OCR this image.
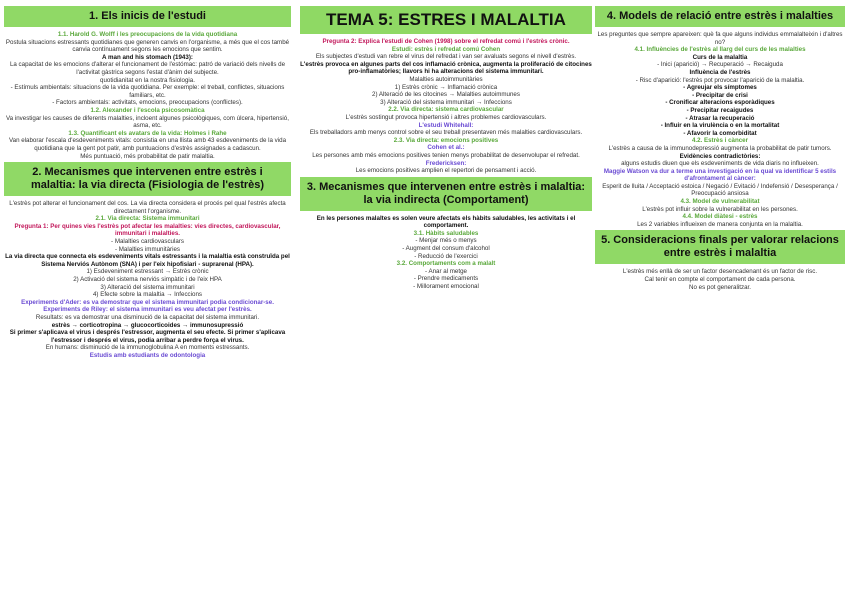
1. Els inicis de l'estudi
1.1. Harold G. Wolff i les preocupacions de la vida quotidiana
Postula situacions estressants quotidianes que generen canvis en l'organisme, a més que el cos també canvia contínuament segons les emocions que sentim.
A man and his stomach (1943):
La capacitat de les emocions d'alterar el funcionament de l'estómac: patró de variació dels nivells de l'activitat gàstrica segons l'estat d'ànim del subjecte.
quotidianitat en la nostra fisiologia.
- Estímuls ambientals: situacions de la vida quotidiana. Per exemple: el treball, conflictes, situacions familiars, etc.
- Factors ambientals: activitats, emocions, preocupacions (conflictes).
1.2. Alexander i l'escola psicosomàtica
Va investigar les causes de diferents malalties, incloent algunes psicològiques, com úlcera, hipertensió, asma, etc.
1.3. Quantificant els avatars de la vida: Holmes i Rahe
Van elaborar l'escala d'esdeveniments vitals: consistia en una llista amb 43 esdeveniments de la vida quotidiana que la gent pot patir, amb puntuacions d'estrès assignades a cadascun.
Més puntuació, més probabilitat de patir malaltia.
2. Mecanismes que intervenen entre estrès i malaltia: la via directa (Fisiologia de l'estrès)
L'estrès pot alterar el funcionament del cos. La via directa considera el procés pel qual l'estrès afecta directament l'organisme.
2.1. Via directa: Sistema immunitari
Pregunta 1: Per quines vies l'estrès pot afectar les malalties: vies directes, cardiovascular, immunitari i malalties.
- Malalties cardiovasculars
- Malalties immunitàries
La via directa que connecta els esdeveniments vitals estressants i la malaltia està construïda pel Sistema Nerviós Autònom (SNA) i per l'eix hipofisiari - suprarenal (HPA).
1) Esdeveniment estressant → Estrès crònic
2) Activació del sistema nerviós simpàtic i de l'eix HPA
3) Alteració del sistema immunitari
4) Efecte sobre la malaltia → Infeccions
Experiments d'Ader: es va demostrar que el sistema immunitari podia condicionar-se.
Experiments de Riley: el sistema immunitari es veu afectat per l'estrès.
Resultats: es va demostrar una disminució de la capacitat del sistema immunitari.
estrès → corticotropina → glucocorticoides → immunosupressió
Si primer s'aplicava el virus i després l'estressor, augmenta el seu efecte. Si primer s'aplicava l'estressor i després el virus, podia arribar a perdre força el virus.
En humans: disminució de la immunoglobulina A en moments estressants.
Estudis amb estudiants de odontologia
TEMA 5: ESTRES I MALALTIA
Pregunta 2: Explica l'estudi de Cohen (1998) sobre el refredat comú i l'estrès crònic.
Estudi: estrès i refredat comú Cohen
Els subjectes d'estudi van rebre el virus del refredat i van ser avaluats segons el nivell d'estrès.
L'estrès provoca en algunes parts del cos inflamació crònica, augmenta la proliferació de citocines pro-inflamatòries; llavors hi ha alteracions del sistema immunitari.
Malalties autoimmunitàries
1) Estrès crònic → Inflamació crònica
2) Alteració de les citocines → Malalties autoimmunes
3) Alteració del sistema immunitari → Infeccions
2.2. Via directa: sistema cardiovascular
L'estrès sostingut provoca hipertensió i altres problemes cardiovasculars.
L'estudi Whitehall:
Els treballadors amb menys control sobre el seu treball presentaven més malalties cardiovasculars.
2.3. Via directa: emocions positives
Cohen et al.:
Les persones amb més emocions positives tenien menys probabilitat de desenvolupar el refredat.
Fredericksen:
Les emocions positives amplien el repertori de pensament i acció.
3. Mecanismes que intervenen entre estrès i malaltia: la via indirecta (Comportament)
En les persones malaltes es solen veure afectats els hàbits saludables, les activitats i el comportament.
3.1. Hàbits saludables
- Menjar més o menys
- Augment del consum d'alcohol
- Reducció de l'exercici
3.2. Comportaments com a malalt
- Anar al metge
- Prendre medicaments
- Millorament emocional
4. Models de relació entre estrès i malalties
Les preguntes que sempre apareixen: què fa que alguns individus emmalalteixin i d'altres no?
4.1. Influències de l'estrès al llarg del curs de les malalties
Curs de la malaltia
- Inici (aparició) → Recuperació → Recaiguda
Influència de l'estrès
- Risc d'aparició: l'estrès pot provocar l'aparició de la malaltia.
- Agreujar els símptomes
- Precipitar de crisi
- Cronificar alteracions esporàdiques
- Precipitar recaigudes
- Atrasar la recuperació
- Influir en la virulència o en la mortalitat
- Afavorir la comorbiditat
4.2. Estrès i càncer
L'estrès a causa de la immunodepressió augmenta la probabilitat de patir tumors.
Evidències contradictòries:
alguns estudis diuen que els esdeveniments de vida diaris no influeixen.
Maggie Watson va dur a terme una investigació en la qual va identificar 5 estils d'afrontament al càncer:
Esperit de lluita / Acceptació estoica / Negació / Evitació / Indefensió / Desesperança / Preocupació ansiosa
4.3. Model de vulnerabilitat
L'estrès pot influir sobre la vulnerabilitat en les persones.
4.4. Model diàtesi - estrès
Les 2 variables influeixen de manera conjunta en la malaltia.
5. Consideracions finals per valorar relacions entre estrès i malaltia
L'estrès més enllà de ser un factor desencadenant és un factor de risc.
Cal tenir en compte el comportament de cada persona.
No es pot generalitzar.
